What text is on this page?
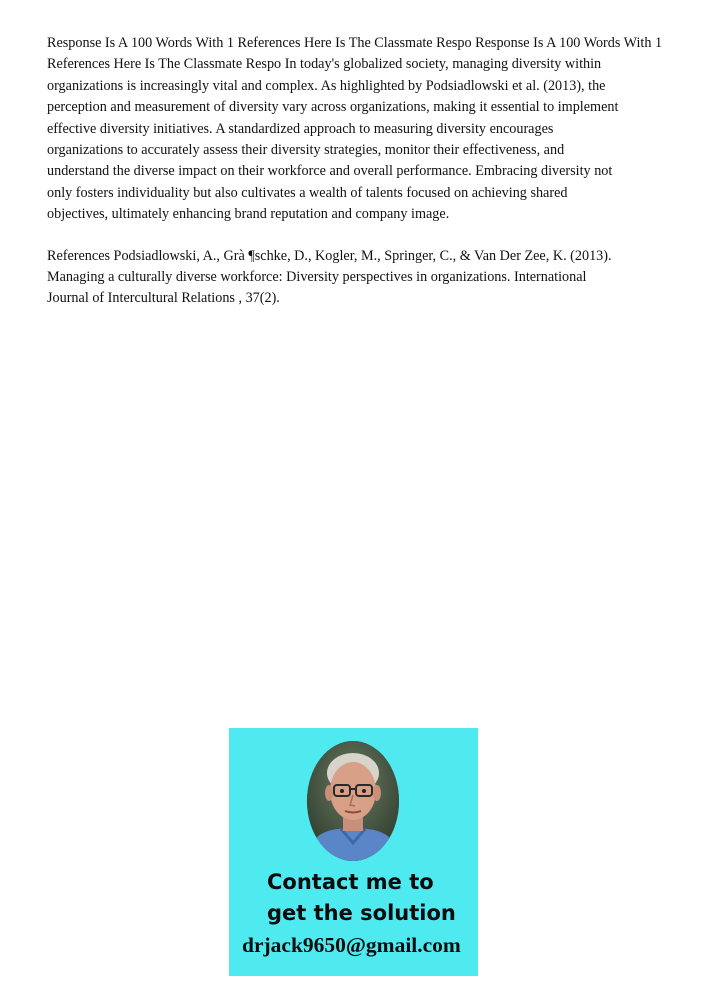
Response Is A 100 Words With 1 References Here Is The Classmate Respo Response Is A 100 Words With 1
References Here Is The Classmate Respo In today's globalized society, managing diversity within
organizations is increasingly vital and complex. As highlighted by Podsiadlowski et al. (2013), the
perception and measurement of diversity vary across organizations, making it essential to implement
effective diversity initiatives. A standardized approach to measuring diversity encourages
organizations to accurately assess their diversity strategies, monitor their effectiveness, and
understand the diverse impact on their workforce and overall performance. Embracing diversity not
only fosters individuality but also cultivates a wealth of talents focused on achieving shared
objectives, ultimately enhancing brand reputation and company image.
References Podsiadlowski, A., Grà ¶schke, D., Kogler, M., Springer, C., & Van Der Zee, K. (2013).
Managing a culturally diverse workforce: Diversity perspectives in organizations. International
Journal of Intercultural Relations , 37(2).
Contact me to

get the solution
drjack9650@gmail.com
